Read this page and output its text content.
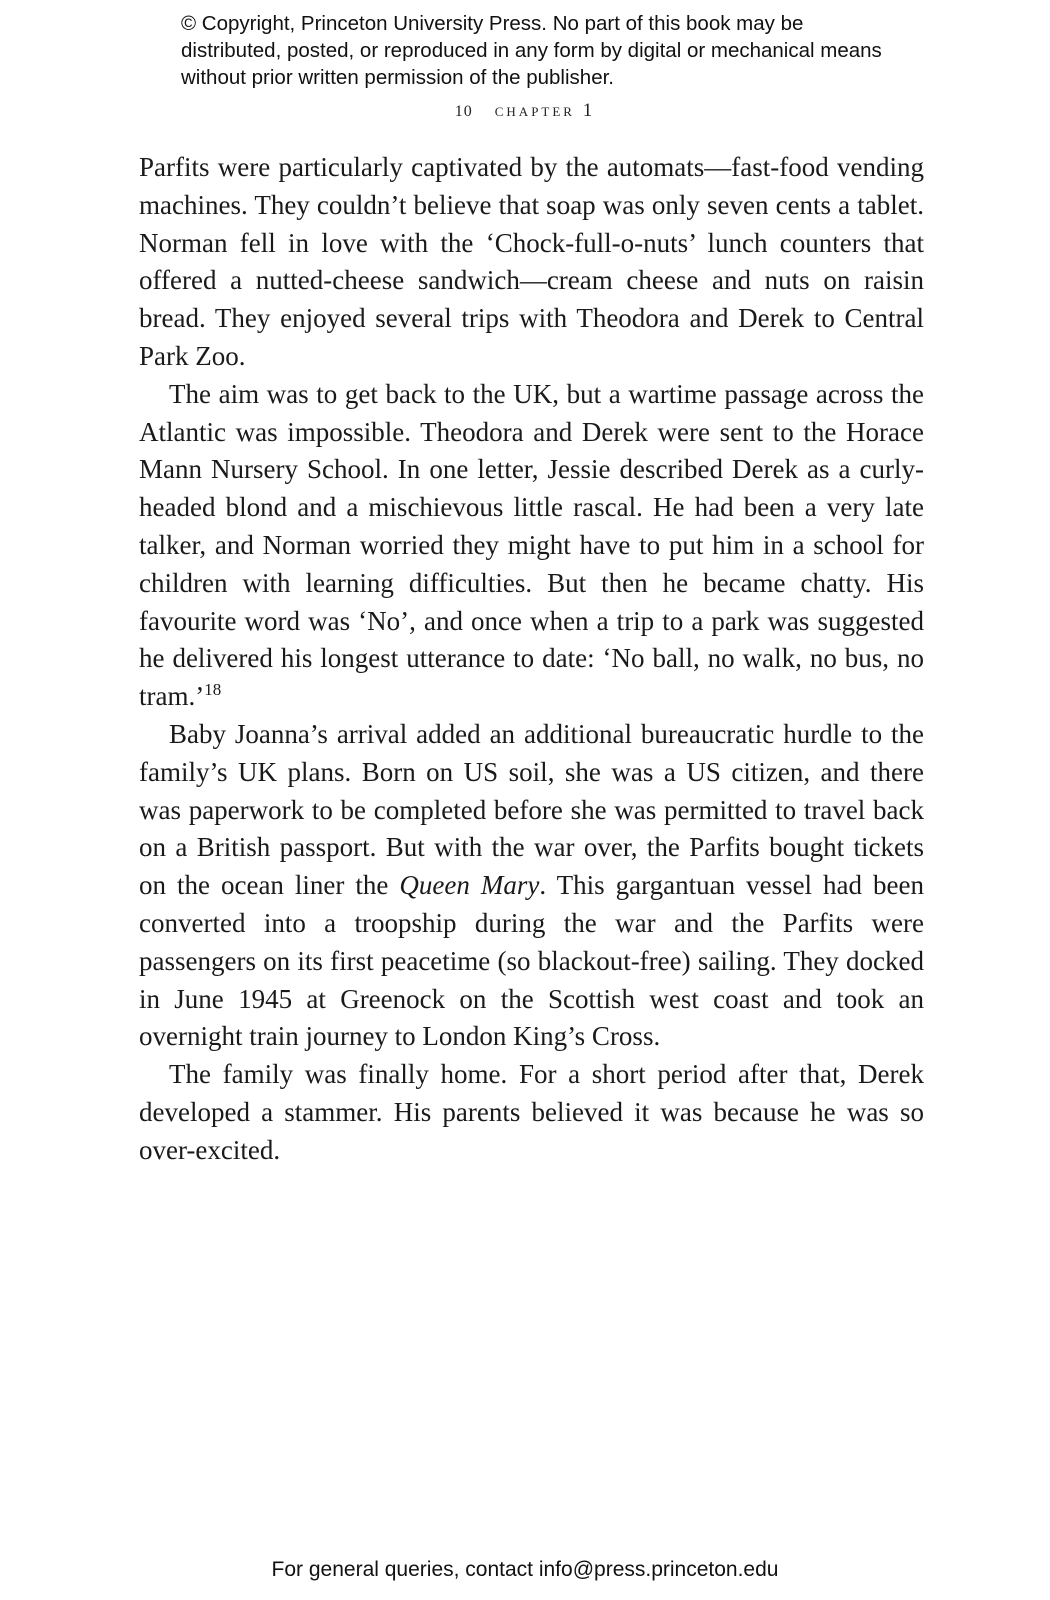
© Copyright, Princeton University Press. No part of this book may be distributed, posted, or reproduced in any form by digital or mechanical means without prior written permission of the publisher.
10 chapter 1

Parfits were particularly captivated by the automats—fast-food vending machines. They couldn’t believe that soap was only seven cents a tablet. Norman fell in love with the ‘Chock-full-o-nuts’ lunch counters that offered a nutted-cheese sandwich—cream cheese and nuts on raisin bread. They enjoyed several trips with Theodora and Derek to Central Park Zoo.

The aim was to get back to the UK, but a wartime passage across the Atlantic was impossible. Theodora and Derek were sent to the Horace Mann Nursery School. In one letter, Jessie described Derek as a curly-headed blond and a mischievous little rascal. He had been a very late talker, and Norman worried they might have to put him in a school for children with learning difficulties. But then he became chatty. His favourite word was ‘No’, and once when a trip to a park was suggested he delivered his longest utterance to date: ‘No ball, no walk, no bus, no tram.’$^{18}$

Baby Joanna’s arrival added an additional bureaucratic hurdle to the family’s UK plans. Born on US soil, she was a US citizen, and there was paperwork to be completed before she was permitted to travel back on a British passport. But with the war over, the Parfits bought tickets on the ocean liner the Queen Mary. This gargantuan vessel had been converted into a troopship during the war and the Parfits were passengers on its first peacetime (so blackout-free) sailing. They docked in June 1945 at Greenock on the Scottish west coast and took an overnight train journey to London King’s Cross.

The family was finally home. For a short period after that, Derek developed a stammer. His parents believed it was because he was so over-excited.

For general queries, contact info@press.princeton.edu
